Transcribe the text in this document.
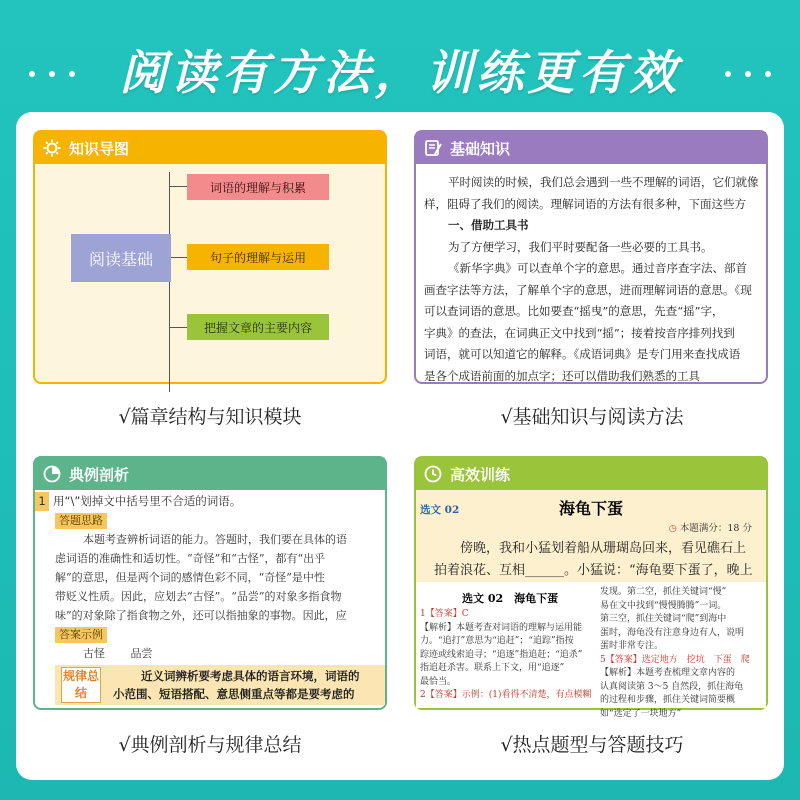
阅读有方法，训练更有效
知识导图
阅读基础
词语的理解与积累
句子的理解与运用
把握文章的主要内容
√篇章结构与知识模块
基础知识
平时阅读的时候，我们总会遇到一些不理解的词语，它们就像
样，阻碍了我们的阅读。理解词语的方法有很多种，下面这些方
一、借助工具书
为了方便学习，我们平时要配备一些必要的工具书。
《新华字典》可以查单个字的意思。通过音序查字法、部首
画查字法等方法，了解单个字的意思，进而理解词语的意思。《现
可以查词语的意思。比如要查“摇曳”的意思，先查“摇”字，
字典》的查法，在词典正文中找到“摇”；接着按音序排列找到
词语，就可以知道它的解释。《成语词典》是专门用来查找成语
是各个成语前面的加点字；还可以借助我们熟悉的工具
√基础知识与阅读方法
典例剖析
1 用“\”划掉文中括号里不合适的词语。
答题思路
本题考查辨析词语的能力。答题时，我们要在具体的语
虑词语的准确性和适切性。“奇怪”和“古怪”，都有“出乎
解”的意思，但是两个词的感情色彩不同，“奇怪”是中性
带贬义性质。因此，应划去“古怪”。“品尝”的对象多指食物
味”的对象除了指食物之外，还可以指抽象的事物。因此，应
答案示例
古怪 品尝
规律总结
近义词辨析要考虑具体的语言环境，词语的
小范围、短语搭配、意思侧重点等都是要考虑的
√典例剖析与规律总结
高效训练
选文 02	海龟下蛋
◷ 本题满分：18 分
傍晚，我和小猛划着船从珊瑚岛回来，看见礁石上
拍着浪花、互相______。小猛说：“海龟要下蛋了，晚上
选文 02　海龟下蛋
1【答案】C
【解析】本题考查对词语的理解与运用能
力。“追打”意思为“追赶”；“追踪”指按
踪迹或线索追寻；“追逐”指追赶；“追杀”
指追赶杀害。联系上下文，用“追逐”
最恰当。
2【答案】示例：(1)看得不清楚，有点模糊
发现。第二空，抓住关键词“慢”
易在文中找到“慢慢腾腾”一词。
第三空，抓住关键词“爬”到海中
蛋时，海龟没有注意身边有人，说明
蛋时非常专注。
5【答案】选定地方　挖坑　下蛋　爬
【解析】本题考查梳理文章内容的
认真阅读第 3～5 自然段，抓住海龟
的过程和步骤，抓住关键词简要概
如“选定了一块地方”
√热点题型与答题技巧
